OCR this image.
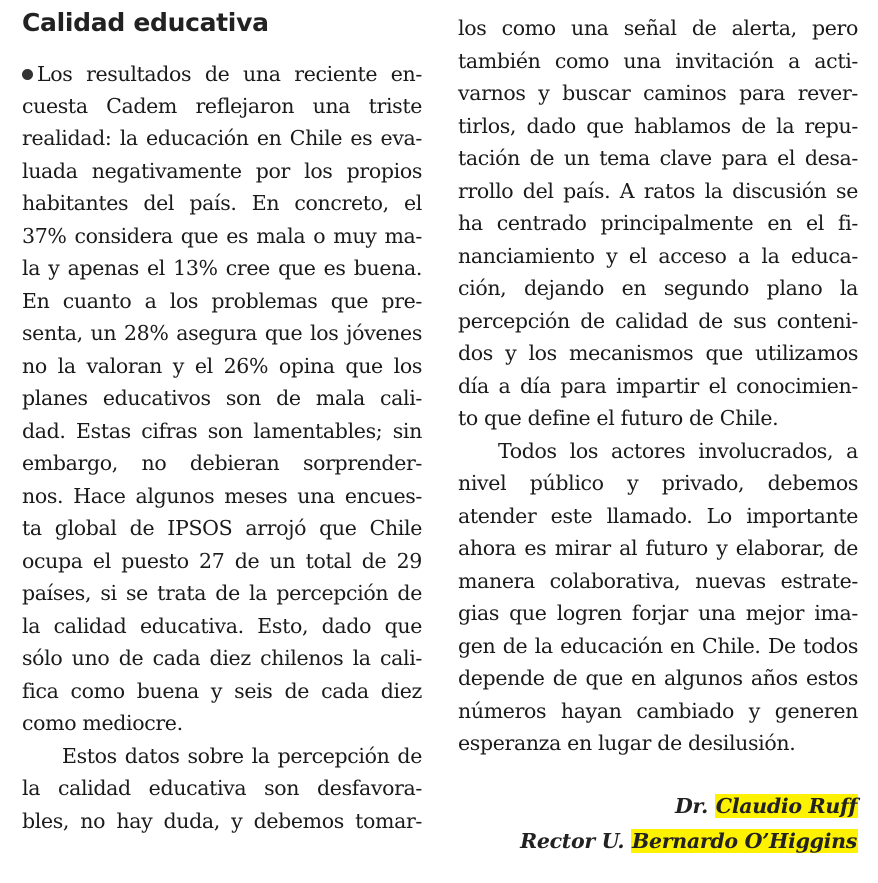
Calidad educativa
Los resultados de una reciente en-
cuesta Cadem reflejaron una triste
realidad: la educación en Chile es eva-
luada negativamente por los propios
habitantes del país. En concreto, el
37% considera que es mala o muy ma-
la y apenas el 13% cree que es buena.
En cuanto a los problemas que pre-
senta, un 28% asegura que los jóvenes
no la valoran y el 26% opina que los
planes educativos son de mala cali-
dad. Estas cifras son lamentables; sin
embargo, no debieran sorprender-
nos. Hace algunos meses una encues-
ta global de IPSOS arrojó que Chile
ocupa el puesto 27 de un total de 29
países, si se trata de la percepción de
la calidad educativa. Esto, dado que
sólo uno de cada diez chilenos la cali-
fica como buena y seis de cada diez
como mediocre.
Estos datos sobre la percepción de
la calidad educativa son desfavora-
bles, no hay duda, y debemos tomar-
los como una señal de alerta, pero
también como una invitación a acti-
varnos y buscar caminos para rever-
tirlos, dado que hablamos de la repu-
tación de un tema clave para el desa-
rrollo del país. A ratos la discusión se
ha centrado principalmente en el fi-
nanciamiento y el acceso a la educa-
ción, dejando en segundo plano la
percepción de calidad de sus conteni-
dos y los mecanismos que utilizamos
día a día para impartir el conocimien-
to que define el futuro de Chile.
Todos los actores involucrados, a
nivel público y privado, debemos
atender este llamado. Lo importante
ahora es mirar al futuro y elaborar, de
manera colaborativa, nuevas estrate-
gias que logren forjar una mejor ima-
gen de la educación en Chile. De todos
depende de que en algunos años estos
números hayan cambiado y generen
esperanza en lugar de desilusión.
Dr. Claudio Ruff
Rector U. Bernardo O’Higgins
